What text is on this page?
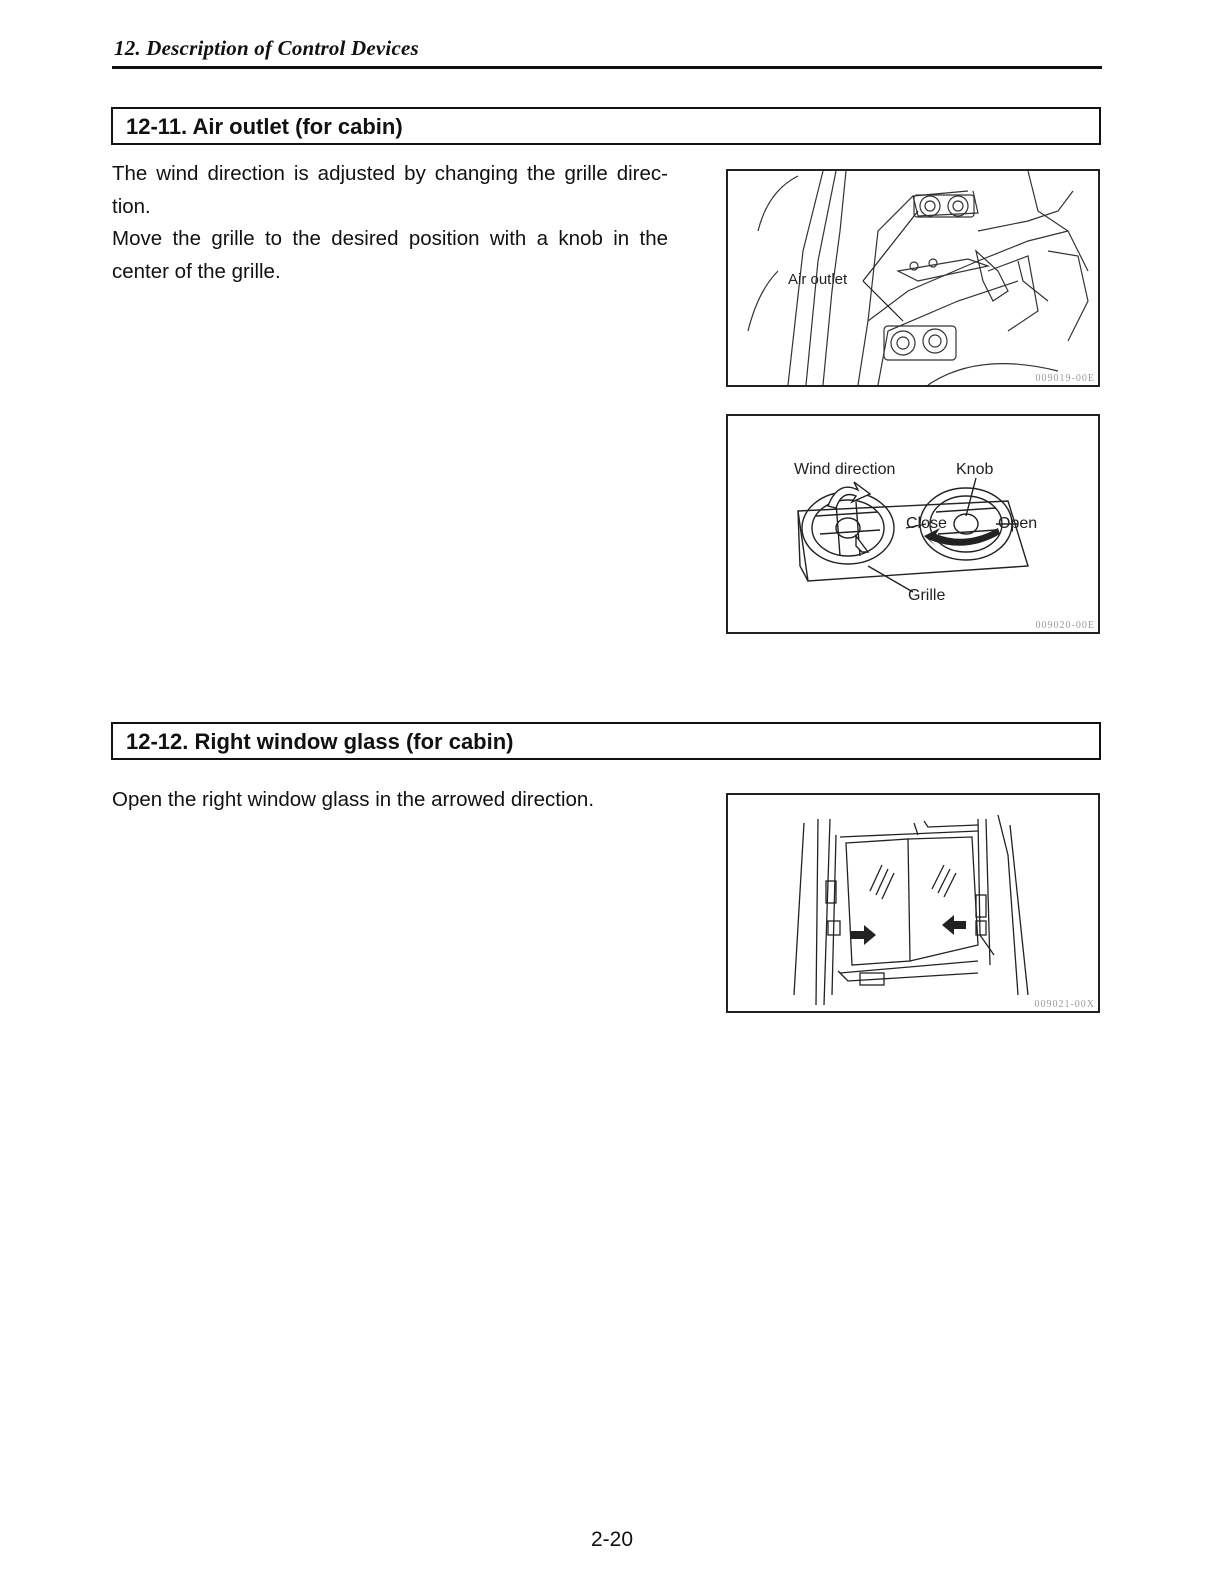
12. Description of Control Devices
12-11. Air outlet (for cabin)

The wind direction is adjusted by changing the grille direc-tion.

Move the grille to the desired position with a knob in the center of the grille.	Air outlet
009019-00E
Wind direction	Knob
Close	Open
Grille
009020-00E
12-12. Right window glass (for cabin)

Open the right window glass in the arrowed direction.

009021-00X
2-20
